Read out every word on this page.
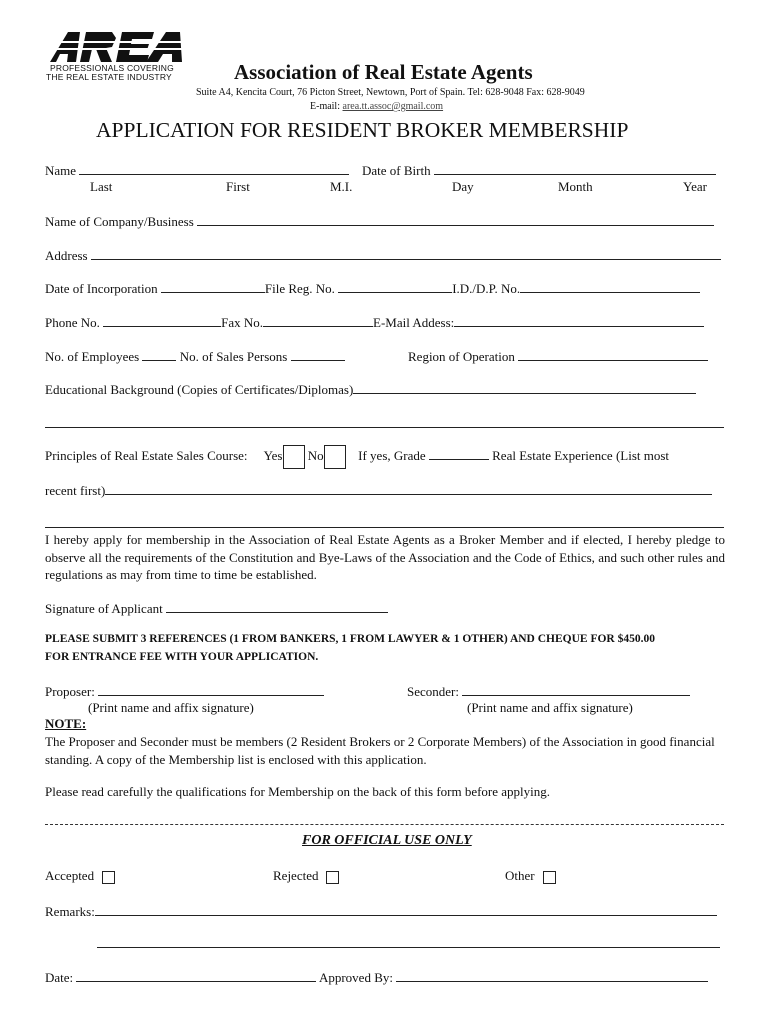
PROFESSIONALS COVERING
THE REAL ESTATE INDUSTRY	Association of Real Estate Agents
Suite A4, Kencita Court, 76 Picton Street, Newtown, Port of Spain. Tel: 628-9048 Fax: 628-9049
E-mail: area.tt.assoc@gmail.com
APPLICATION FOR RESIDENT BROKER MEMBERSHIP
Name	Date of Birth
Last	First	M.I.	Day	Month	Year
Name of Company/Business
Address
Date of Incorporation	File Reg. No.	I.D./D.P. No.
Phone No.	Fax No.	E-Mail Addess:
No. of Employees	No. of Sales Persons	Region of Operation
Educational Background (Copies of Certificates/Diplomas)
Principles of Real Estate Sales Course: Yes No	If yes, Grade	Real Estate Experience (List most
recent first)
I hereby apply for membership in the Association of Real Estate Agents as a Broker Member and if elected, I hereby pledge to observe all the requirements of the Constitution and Bye-Laws of the Association and the Code of Ethics, and such other rules and regulations as may from time to time be established.
Signature of Applicant
PLEASE SUBMIT 3 REFERENCES (1 FROM BANKERS, 1 FROM LAWYER & 1 OTHER) AND CHEQUE FOR $450.00
FOR ENTRANCE FEE WITH YOUR APPLICATION.
Proposer:	Seconder:
(Print name and affix signature)	(Print name and affix signature)
NOTE:
The Proposer and Seconder must be members (2 Resident Brokers or 2 Corporate Members) of the Association in good financial standing. A copy of the Membership list is enclosed with this application.
Please read carefully the qualifications for Membership on the back of this form before applying.
FOR OFFICIAL USE ONLY
Accepted	Rejected	Other
Remarks:
Date:	Approved By:
